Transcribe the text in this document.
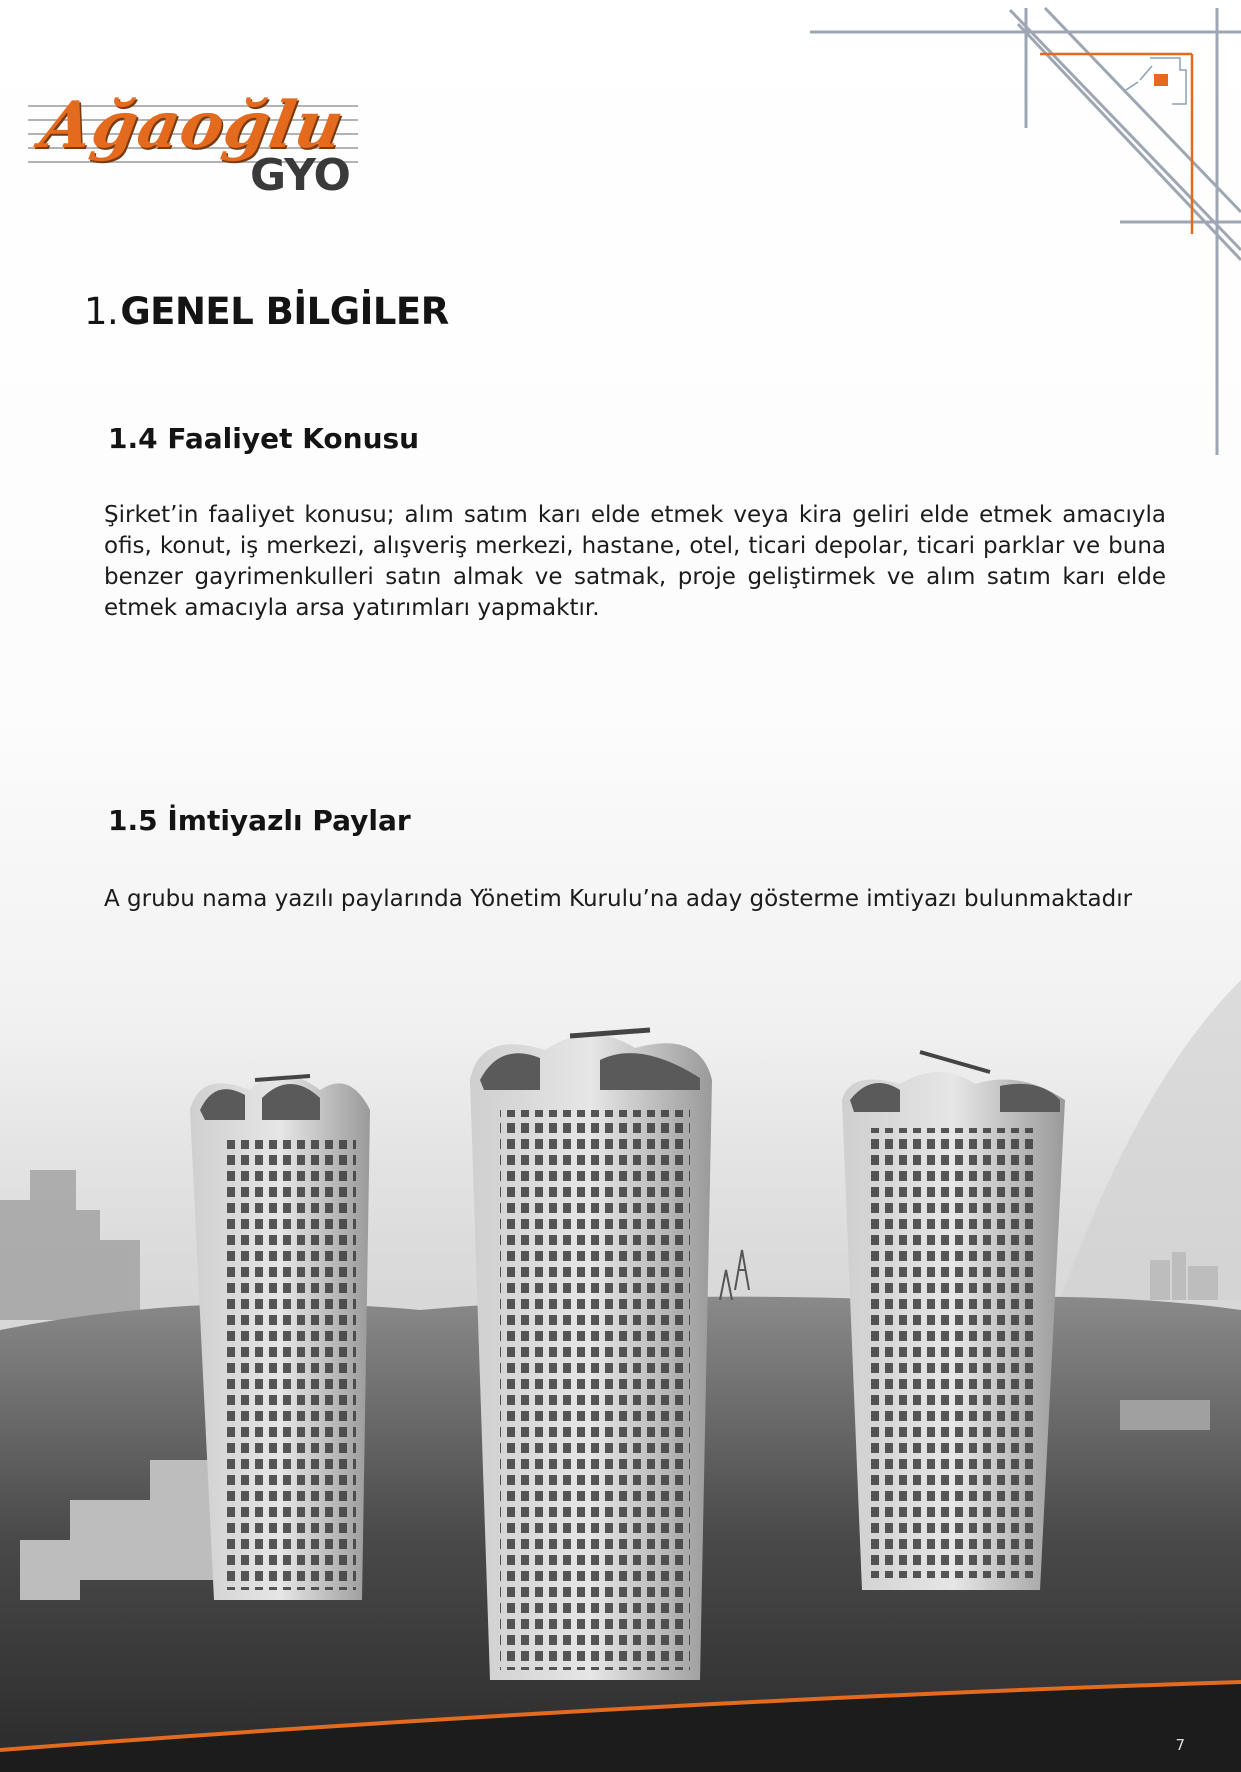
Ağaoğlu
GYO
1.GENEL BİLGİLER
1.4 Faaliyet Konusu

Şirket’in faaliyet konusu; alım satım karı elde etmek veya kira geliri elde etmek amacıyla ofis, konut, iş merkezi, alışveriş merkezi, hastane, otel, ticari depolar, ticari parklar ve buna benzer gayrimenkulleri satın almak ve satmak, proje geliştirmek ve alım satım karı elde etmek amacıyla arsa yatırımları yapmaktır.

1.5 İmtiyazlı Paylar

A grubu nama yazılı paylarında Yönetim Kurulu’na aday gösterme imtiyazı bulunmaktadır

7
